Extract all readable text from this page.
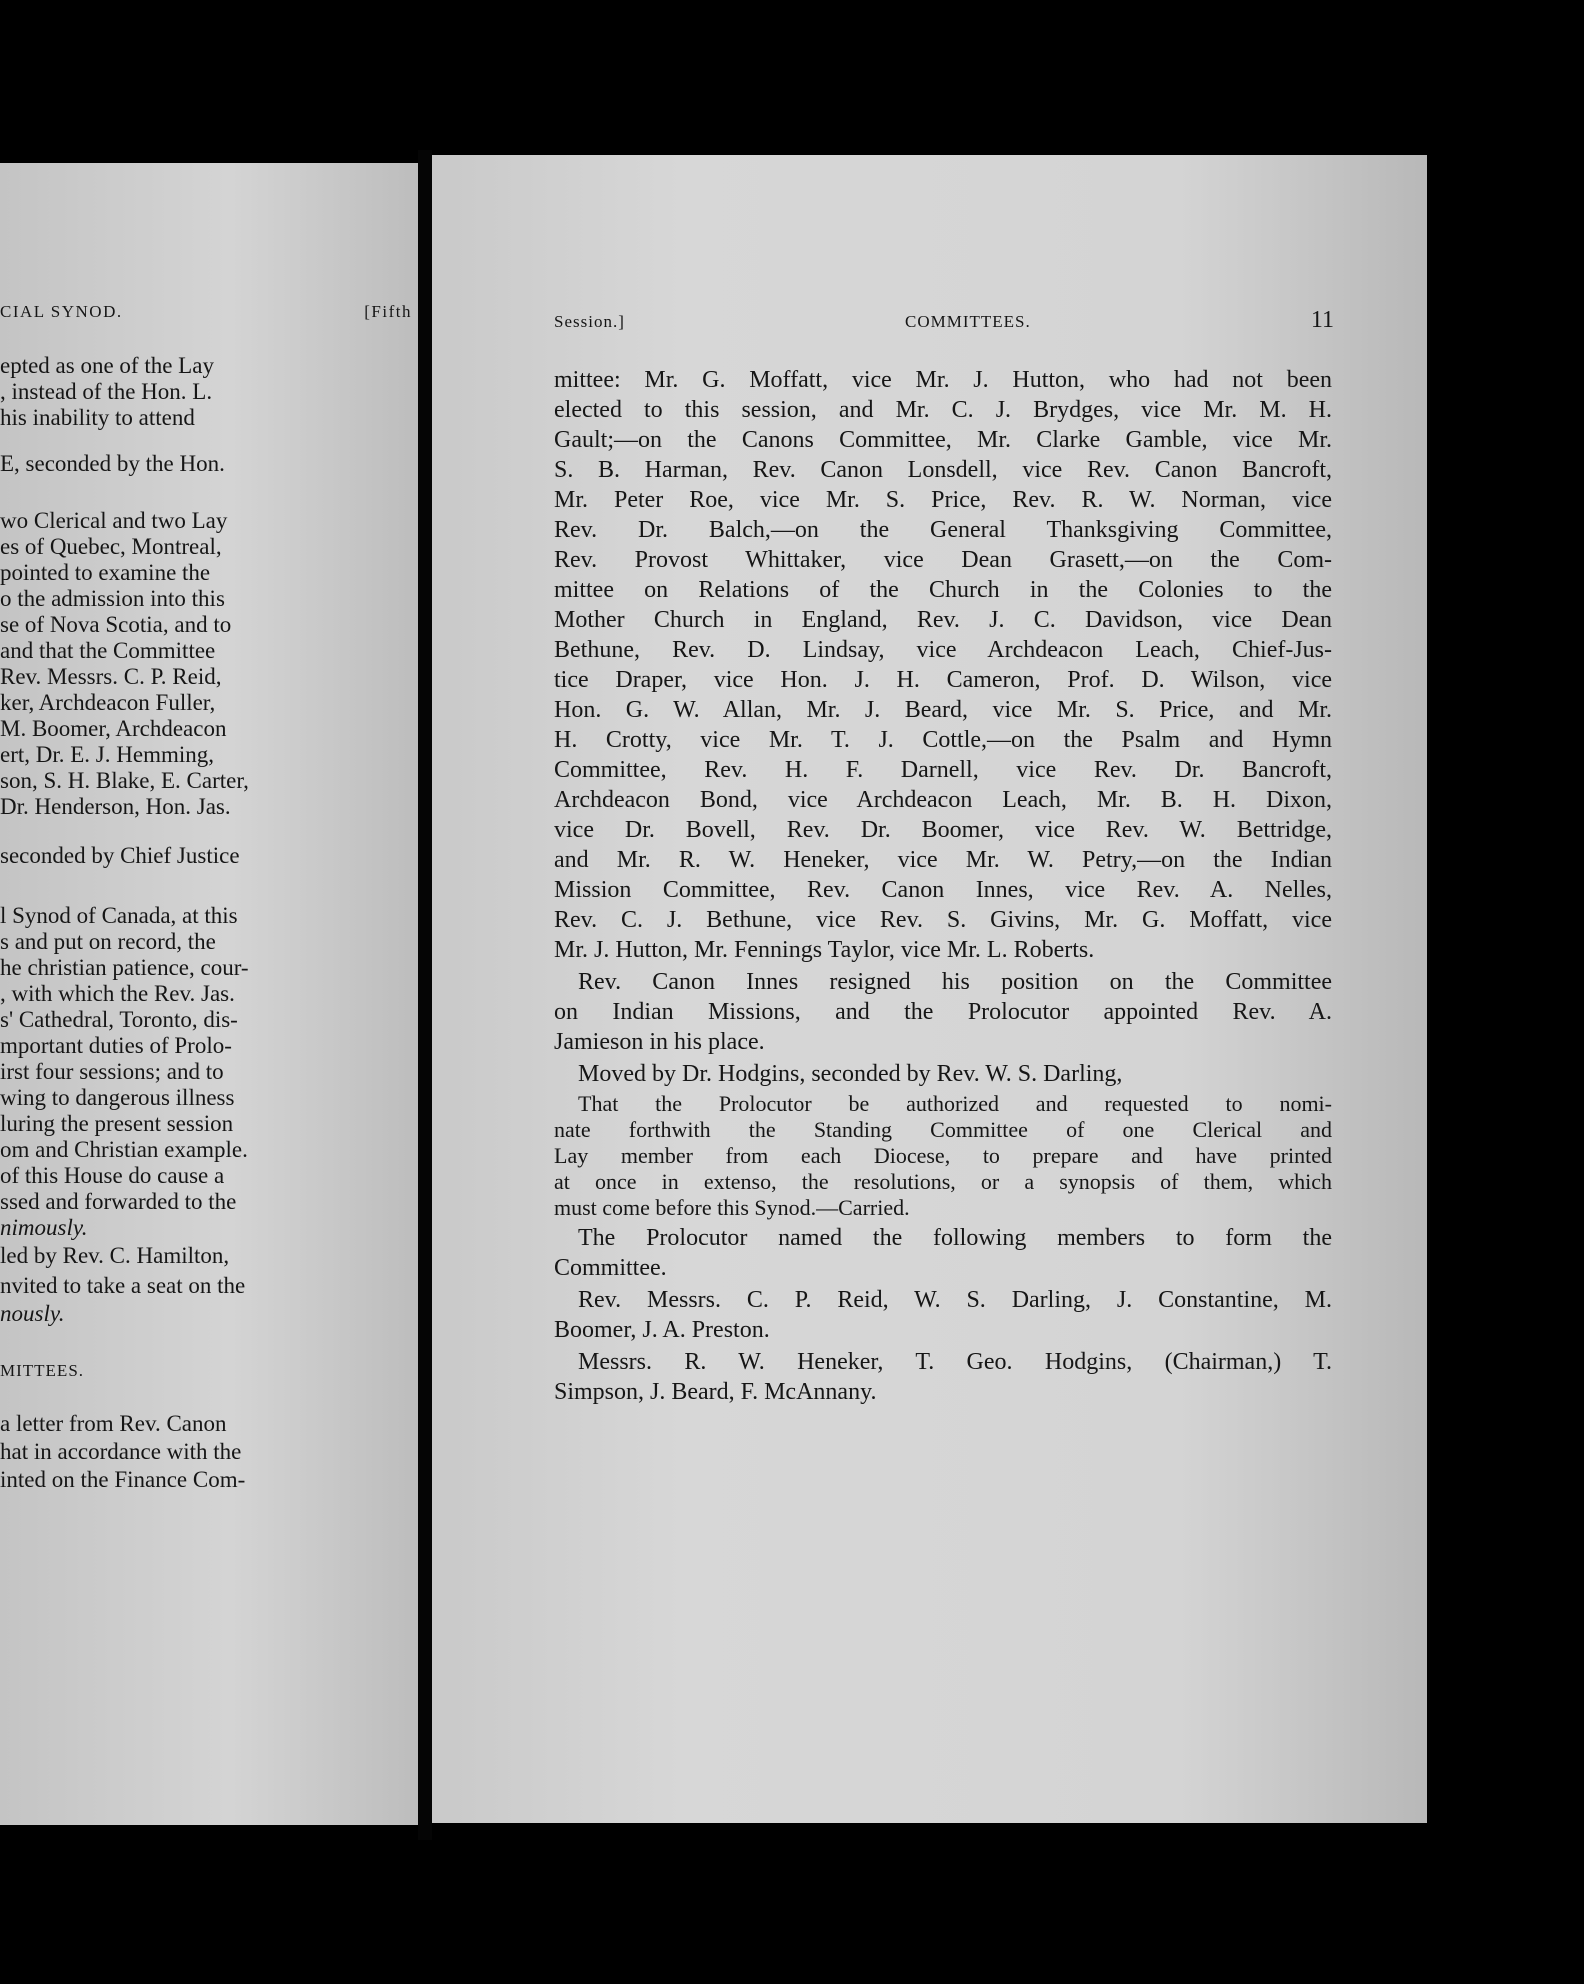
CIAL SYNOD.	[Fifth
epted as one of the Lay
, instead of the Hon. L.
his inability to attend
E, seconded by the Hon.
wo Clerical and two Lay
es of Quebec, Montreal,
pointed to examine the
o the admission into this
se of Nova Scotia, and to
and that the Committee
Rev. Messrs. C. P. Reid,
ker, Archdeacon Fuller,
M. Boomer, Archdeacon
ert, Dr. E. J. Hemming,
son, S. H. Blake, E. Carter,
Dr. Henderson, Hon. Jas.
seconded by Chief Justice
l Synod of Canada, at this
s and put on record, the
he christian patience, cour-
, with which the Rev. Jas.
s' Cathedral, Toronto, dis-
mportant duties of Prolo-
irst four sessions; and to
wing to dangerous illness
luring the present session
om and Christian example.
of this House do cause a
ssed and forwarded to the
nimously.
led by Rev. C. Hamilton,
nvited to take a seat on the
nously.
MITTEES.
a letter from Rev. Canon
hat in accordance with the
inted on the Finance Com-
Session.]	COMMITTEES.	11
mittee: Mr. G. Moffatt, vice Mr. J. Hutton, who had not been
elected to this session, and Mr. C. J. Brydges, vice Mr. M. H.
Gault;—on the Canons Committee, Mr. Clarke Gamble, vice Mr.
S. B. Harman, Rev. Canon Lonsdell, vice Rev. Canon Bancroft,
Mr. Peter Roe, vice Mr. S. Price, Rev. R. W. Norman, vice
Rev. Dr. Balch,—on the General Thanksgiving Committee,
Rev. Provost Whittaker, vice Dean Grasett,—on the Com-
mittee on Relations of the Church in the Colonies to the
Mother Church in England, Rev. J. C. Davidson, vice Dean
Bethune, Rev. D. Lindsay, vice Archdeacon Leach, Chief-Jus-
tice Draper, vice Hon. J. H. Cameron, Prof. D. Wilson, vice
Hon. G. W. Allan, Mr. J. Beard, vice Mr. S. Price, and Mr.
H. Crotty, vice Mr. T. J. Cottle,—on the Psalm and Hymn
Committee, Rev. H. F. Darnell, vice Rev. Dr. Bancroft,
Archdeacon Bond, vice Archdeacon Leach, Mr. B. H. Dixon,
vice Dr. Bovell, Rev. Dr. Boomer, vice Rev. W. Bettridge,
and Mr. R. W. Heneker, vice Mr. W. Petry,—on the Indian
Mission Committee, Rev. Canon Innes, vice Rev. A. Nelles,
Rev. C. J. Bethune, vice Rev. S. Givins, Mr. G. Moffatt, vice
Mr. J. Hutton, Mr. Fennings Taylor, vice Mr. L. Roberts.
Rev. Canon Innes resigned his position on the Committee
on Indian Missions, and the Prolocutor appointed Rev. A.
Jamieson in his place.
Moved by Dr. Hodgins, seconded by Rev. W. S. Darling,
That the Prolocutor be authorized and requested to nomi-
nate forthwith the Standing Committee of one Clerical and
Lay member from each Diocese, to prepare and have printed
at once in extenso, the resolutions, or a synopsis of them, which
must come before this Synod.—Carried.
The Prolocutor named the following members to form the
Committee.
Rev. Messrs. C. P. Reid, W. S. Darling, J. Constantine, M.
Boomer, J. A. Preston.
Messrs. R. W. Heneker, T. Geo. Hodgins, (Chairman,) T.
Simpson, J. Beard, F. McAnnany.
